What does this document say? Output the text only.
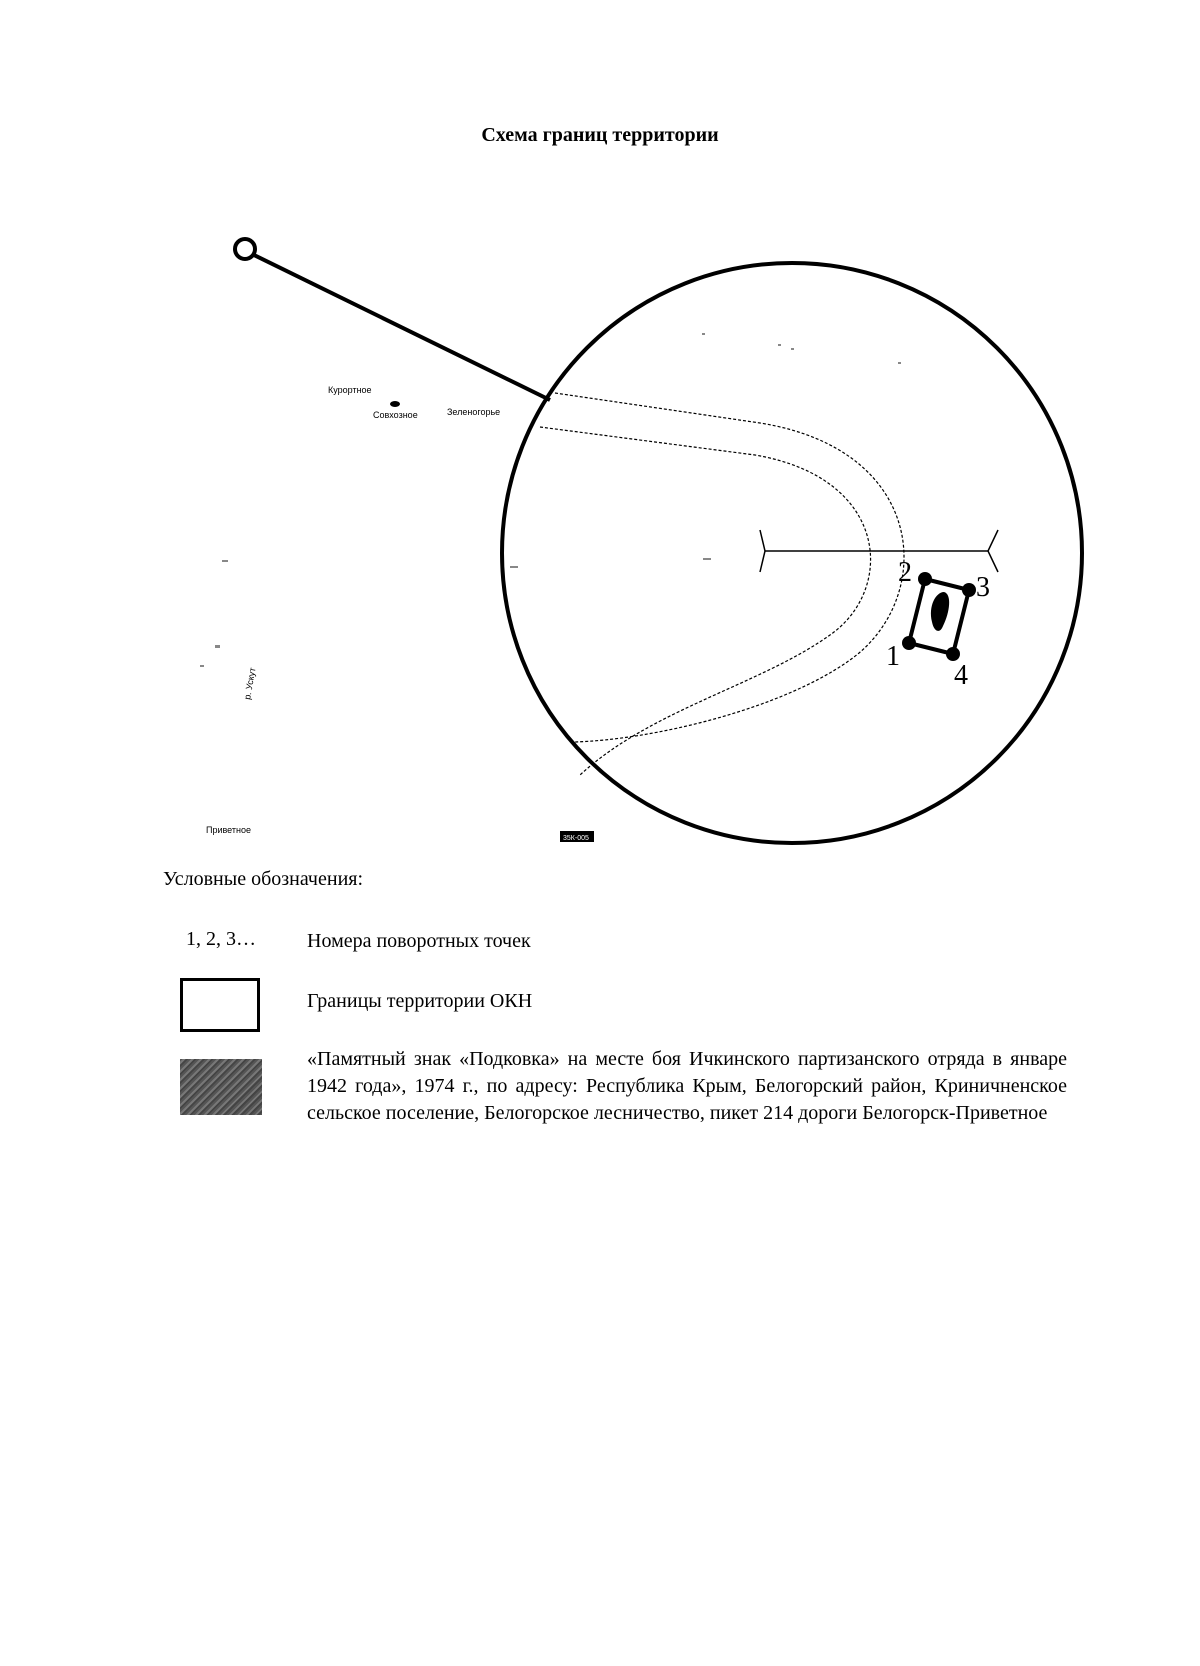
Схема границ территории
Курортное
Совхозное	Зеленогорье
р. Ускут
Приветное
35К-005
1
2 3
4
Условные обозначения:
1, 2, 3…	Номера поворотных точек
Границы территории ОКН
«Памятный знак «Подковка» на месте боя Ичкинского партизанского отряда в январе 1942 года», 1974 г., по адресу: Республика Крым, Белогорский район, Криничненское сельское поселение, Белогорское лесничество, пикет 214 дороги Белогорск-Приветное
